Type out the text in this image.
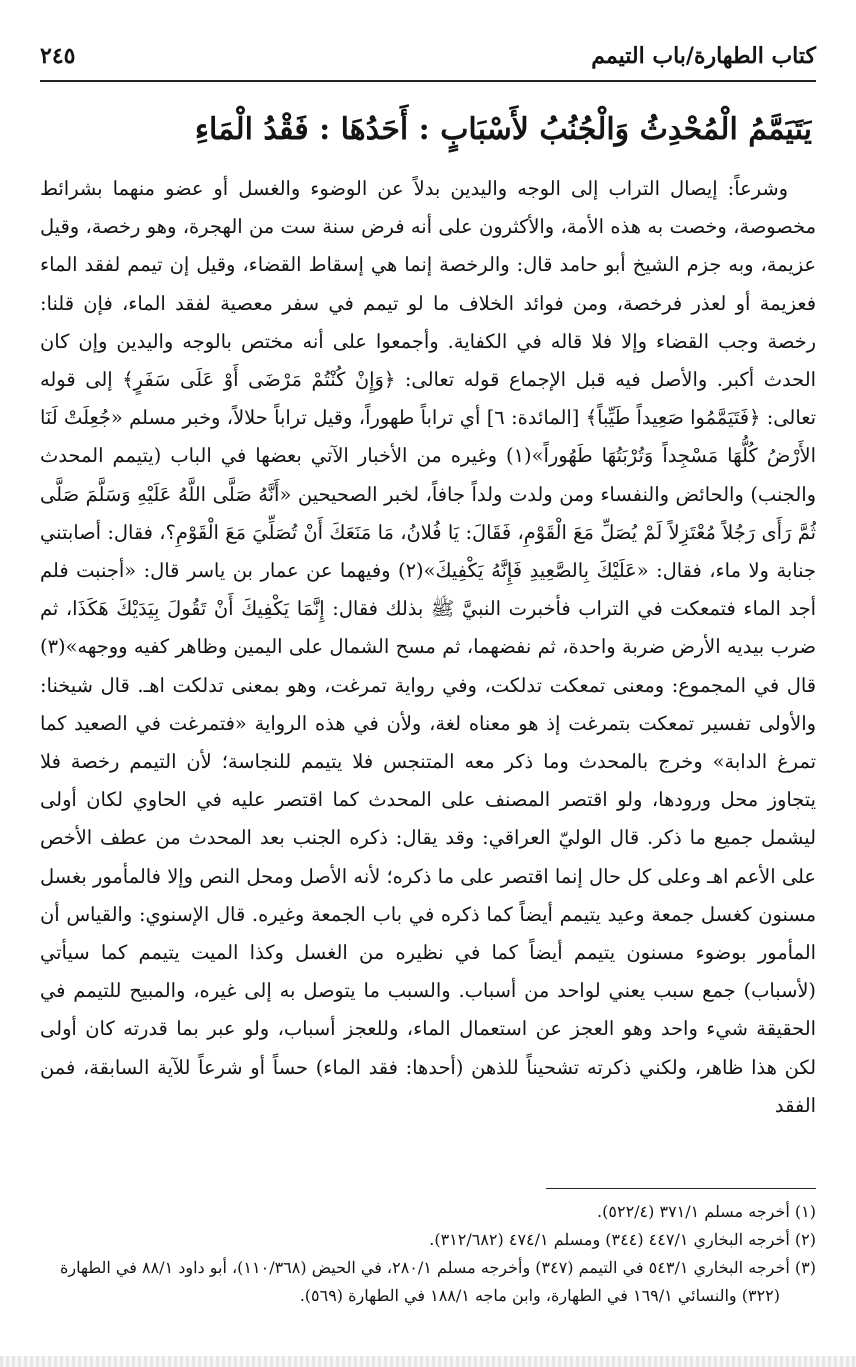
كتاب الطهارة/باب التيمم
٢٤٥
يَتَيَمَّمُ الْمُحْدِثُ وَالْجُنُبُ لأَسْبَابٍ : أَحَدُهَا : فَقْدُ الْمَاءِ

وشرعاً: إيصال التراب إلى الوجه واليدين بدلاً عن الوضوء والغسل أو عضو منهما بشرائط مخصوصة، وخصت به هذه الأمة، والأكثرون على أنه فرض سنة ست من الهجرة، وهو رخصة، وقيل عزيمة، وبه جزم الشيخ أبو حامد قال: والرخصة إنما هي إسقاط القضاء، وقيل إن تيمم لفقد الماء فعزيمة أو لعذر فرخصة، ومن فوائد الخلاف ما لو تيمم في سفر معصية لفقد الماء، فإن قلنا: رخصة وجب القضاء وإلا فلا قاله في الكفاية. وأجمعوا على أنه مختص بالوجه واليدين وإن كان الحدث أكبر. والأصل فيه قبل الإجماع قوله تعالى: ﴿وَإِنْ كُنْتُمْ مَرْضَى أَوْ عَلَى سَفَرٍ﴾ إلى قوله تعالى: ﴿فَتَيَمَّمُوا صَعِيداً طَيِّباً﴾ [المائدة: ٦] أي تراباً طهوراً، وقيل تراباً حلالاً، وخبر مسلم «جُعِلَتْ لَنَا الأَرْضُ كُلُّهَا مَسْجِداً وَتُرْبَتُهَا طَهُوراً»(١) وغيره من الأخبار الآتي بعضها في الباب (يتيمم المحدث والجنب) والحائض والنفساء ومن ولدت ولداً جافاً، لخبر الصحيحين «أَنَّهُ صَلَّى اللَّهُ عَلَيْهِ وَسَلَّمَ صَلَّى ثُمَّ رَأَى رَجُلاً مُعْتَزِلاً لَمْ يُصَلِّ مَعَ الْقَوْمِ، فَقَالَ: يَا فُلانُ، مَا مَنَعَكَ أَنْ تُصَلِّيَ مَعَ الْقَوْمِ؟، فقال: أصابتني جنابة ولا ماء، فقال: «عَلَيْكَ بِالصَّعِيدِ فَإِنَّهُ يَكْفِيكَ»(٢) وفيهما عن عمار بن ياسر قال: «أجنبت فلم أجد الماء فتمعكت في التراب فأخبرت النبيَّ ﷺ بذلك فقال: إِنَّمَا يَكْفِيكَ أَنْ تَقُولَ بِيَدَيْكَ هَكَذَا، ثم ضرب بيديه الأرض ضربة واحدة، ثم نفضهما، ثم مسح الشمال على اليمين وظاهر كفيه ووجهه»(٣) قال في المجموع: ومعنى تمعكت تدلكت، وفي رواية تمرغت، وهو بمعنى تدلكت اهـ. قال شيخنا: والأولى تفسير تمعكت بتمرغت إذ هو معناه لغة، ولأن في هذه الرواية «فتمرغت في الصعيد كما تمرغ الدابة» وخرج بالمحدث وما ذكر معه المتنجس فلا يتيمم للنجاسة؛ لأن التيمم رخصة فلا يتجاوز محل ورودها، ولو اقتصر المصنف على المحدث كما اقتصر عليه في الحاوي لكان أولى ليشمل جميع ما ذكر. قال الوليّ العراقي: وقد يقال: ذكره الجنب بعد المحدث من عطف الأخص على الأعم اهـ وعلى كل حال إنما اقتصر على ما ذكره؛ لأنه الأصل ومحل النص وإلا فالمأمور بغسل مسنون كغسل جمعة وعيد يتيمم أيضاً كما ذكره في باب الجمعة وغيره. قال الإسنوي: والقياس أن المأمور بوضوء مسنون يتيمم أيضاً كما في نظيره من الغسل وكذا الميت يتيمم كما سيأتي (لأسباب) جمع سبب يعني لواحد من أسباب. والسبب ما يتوصل به إلى غيره، والمبيح للتيمم في الحقيقة شيء واحد وهو العجز عن استعمال الماء، وللعجز أسباب، ولو عبر بما قدرته كان أولى لكن هذا ظاهر، ولكني ذكرته تشحيناً للذهن (أحدها: فقد الماء) حساً أو شرعاً للآية السابقة، فمن الفقد

(١) أخرجه مسلم ٣٧١/١ (٥٢٢/٤).

(٢) أخرجه البخاري ٤٤٧/١ (٣٤٤) ومسلم ٤٧٤/١ (٣١٢/٦٨٢).

(٣) أخرجه البخاري ٥٤٣/١ في التيمم (٣٤٧) وأخرجه مسلم ٢٨٠/١، في الحيض (١١٠/٣٦٨)، أبو داود ٨٨/١ في الطهارة (٣٢٢) والنسائي ١٦٩/١ في الطهارة، وابن ماجه ١٨٨/١ في الطهارة (٥٦٩).
